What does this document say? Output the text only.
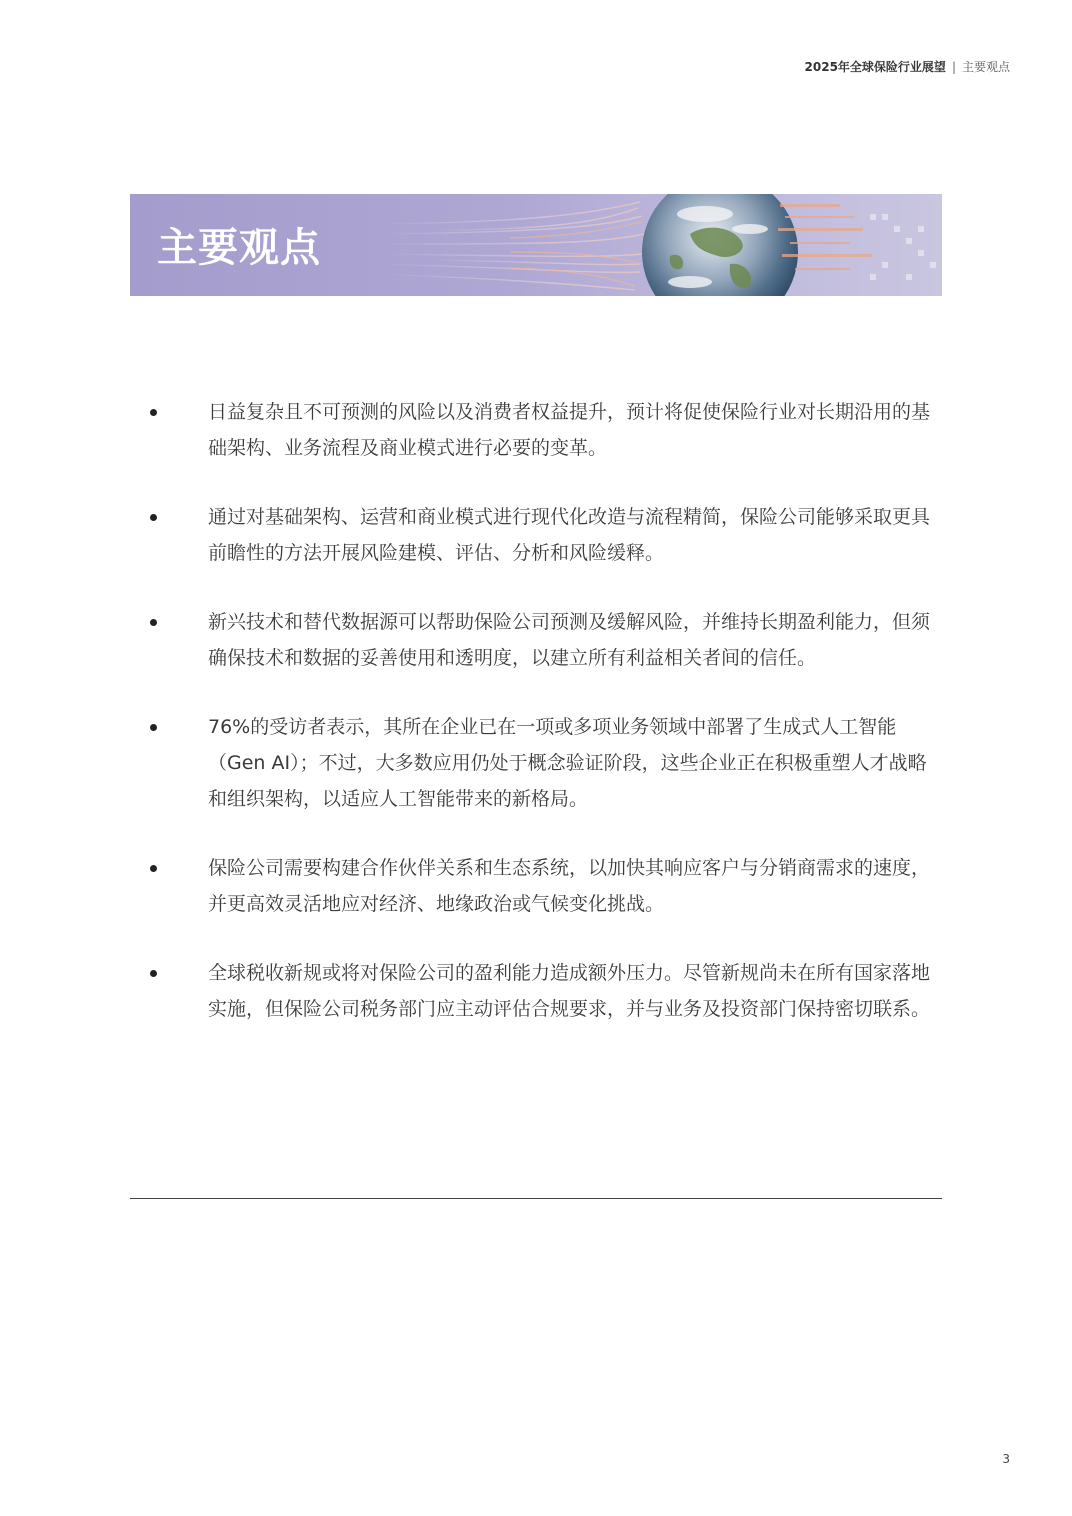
2025年全球保险行业展望 | 主要观点
主要观点
日益复杂且不可预测的风险以及消费者权益提升，预计将促使保险行业对长期沿用的基础架构、业务流程及商业模式进行必要的变革。
通过对基础架构、运营和商业模式进行现代化改造与流程精简，保险公司能够采取更具前瞻性的方法开展风险建模、评估、分析和风险缓释。
新兴技术和替代数据源可以帮助保险公司预测及缓解风险，并维持长期盈利能力，但须确保技术和数据的妥善使用和透明度，以建立所有利益相关者间的信任。
76%的受访者表示，其所在企业已在一项或多项业务领域中部署了生成式人工智能（Gen AI）；不过，大多数应用仍处于概念验证阶段，这些企业正在积极重塑人才战略和组织架构，以适应人工智能带来的新格局。
保险公司需要构建合作伙伴关系和生态系统，以加快其响应客户与分销商需求的速度，并更高效灵活地应对经济、地缘政治或气候变化挑战。
全球税收新规或将对保险公司的盈利能力造成额外压力。尽管新规尚未在所有国家落地实施，但保险公司税务部门应主动评估合规要求，并与业务及投资部门保持密切联系。
3
